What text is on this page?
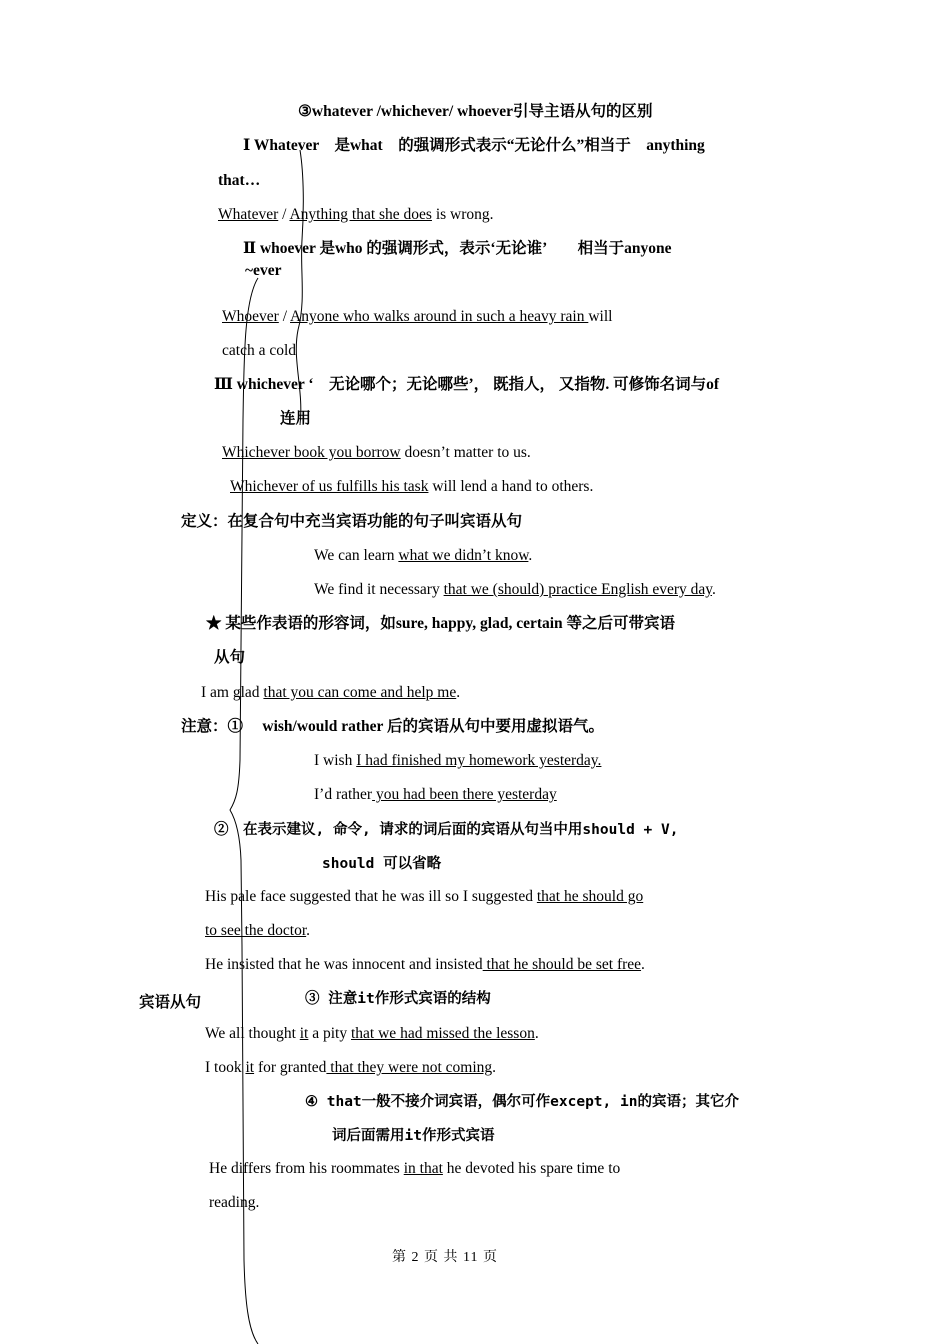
③whatever /whichever/ whoever引导主语从句的区别
Ⅰ Whatever　是what　的强调形式表示“无论什么”相当于　anything
that…
Whatever / Anything that she does is wrong.
Ⅱ whoever 是who 的强调形式，表示‘无论谁’　　相当于anyone
~ever
Whoever / Anyone who walks around in such a heavy rain will
catch a cold
Ⅲ whichever ‘　无论哪个；无论哪些’， 既指人， 又指物. 可修饰名词与of
连用
Whichever book you borrow doesn’t matter to us.
Whichever of us fulfills his task will lend a hand to others.
定义：在复合句中充当宾语功能的句子叫宾语从句
We can learn what we didn’t know.
We find it necessary that we (should) practice English every day.
★ 某些作表语的形容词，如sure, happy, glad, certain 等之后可带宾语
从句
I am glad that you can come and help me.
注意：①　 wish/would rather 后的宾语从句中要用虚拟语气。
I wish I had finished my homework yesterday.
I’d rather you had been there yesterday
②　在表示建议, 命令, 请求的词后面的宾语从句当中用should + V,
should 可以省略
His pale face suggested that he was ill so I suggested that he should go
to see the doctor.
He insisted that he was innocent and insisted that he should be set free.
宾语从句	③ 注意it作形式宾语的结构
We all thought it a pity that we had missed the lesson.
I took it for granted that they were not coming.
④ that一般不接介词宾语，偶尔可作except, in的宾语；其它介
词后面需用it作形式宾语
He differs from his roommates in that he devoted his spare time to
reading.
第 2 页 共 11 页
